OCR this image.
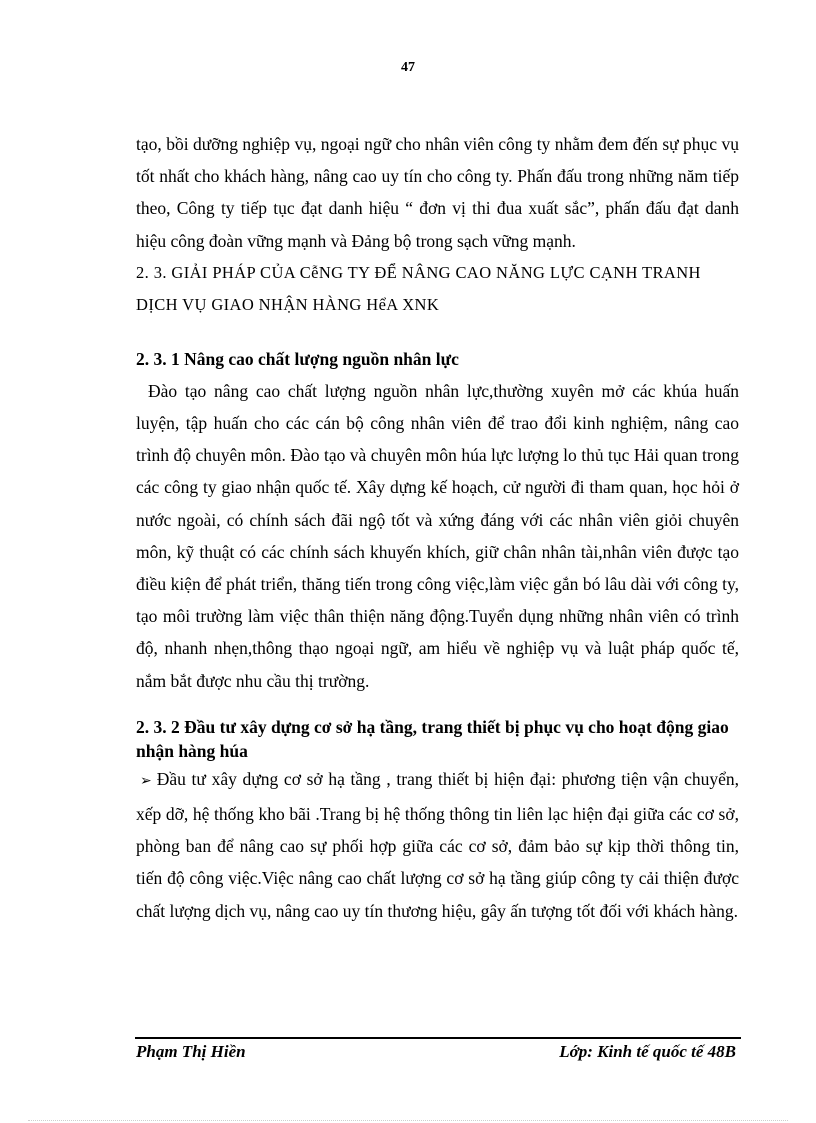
47

tạo, bồi dưỡng nghiệp vụ, ngoại ngữ cho nhân viên công ty nhằm đem đến sự phục vụ tốt nhất cho khách hàng, nâng cao uy tín cho công ty. Phấn đấu trong những năm tiếp theo, Công ty tiếp tục đạt danh hiệu “ đơn vị thi đua xuất sắc”, phấn đấu đạt danh hiệu công đoàn vững mạnh và Đảng bộ trong sạch vững mạnh.

2. 3. GIẢI PHÁP CỦA CễNG TY ĐỂ NÂNG CAO NĂNG LỰC CẠNH TRANH DỊCH VỤ GIAO NHẬN HÀNG HểA XNK

2. 3. 1 Nâng cao chất lượng nguồn nhân lực

Đào tạo nâng cao chất lượng nguồn nhân lực,thường xuyên mở các khúa huấn luyện, tập huấn cho các cán bộ công nhân viên để trao đổi kinh nghiệm, nâng cao trình độ chuyên môn. Đào tạo và chuyên môn húa lực lượng lo thủ tục Hải quan trong các công ty giao nhận quốc tế. Xây dựng kế hoạch, cử người đi tham quan, học hỏi ở nước ngoài, có chính sách đãi ngộ tốt và xứng đáng với các nhân viên giỏi chuyên môn, kỹ thuật có các chính sách khuyến khích, giữ chân nhân tài,nhân viên được tạo điều kiện để phát triển, thăng tiến trong công việc,làm việc gắn bó lâu dài với công ty, tạo môi trường làm việc thân thiện năng động.Tuyển dụng những nhân viên có trình độ, nhanh nhẹn,thông thạo ngoại ngữ, am hiểu về nghiệp vụ và luật pháp quốc tế, nắm bắt được nhu cầu thị trường.

2. 3. 2 Đầu tư xây dựng cơ sở hạ tầng, trang thiết bị phục vụ cho hoạt động giao nhận hàng húa

➢ Đầu tư xây dựng cơ sở hạ tầng , trang thiết bị hiện đại: phương tiện vận chuyển, xếp dỡ, hệ thống kho bãi .Trang bị hệ thống thông tin liên lạc hiện đại giữa các cơ sở, phòng ban để nâng cao sự phối hợp giữa các cơ sở, đảm bảo sự kịp thời thông tin, tiến độ công việc.Việc nâng cao chất lượng cơ sở hạ tầng giúp công ty cải thiện được chất lượng dịch vụ, nâng cao uy tín thương hiệu, gây ấn tượng tốt đối với khách hàng.

Phạm Thị Hiền	Lớp: Kinh tế quốc tế 48B
